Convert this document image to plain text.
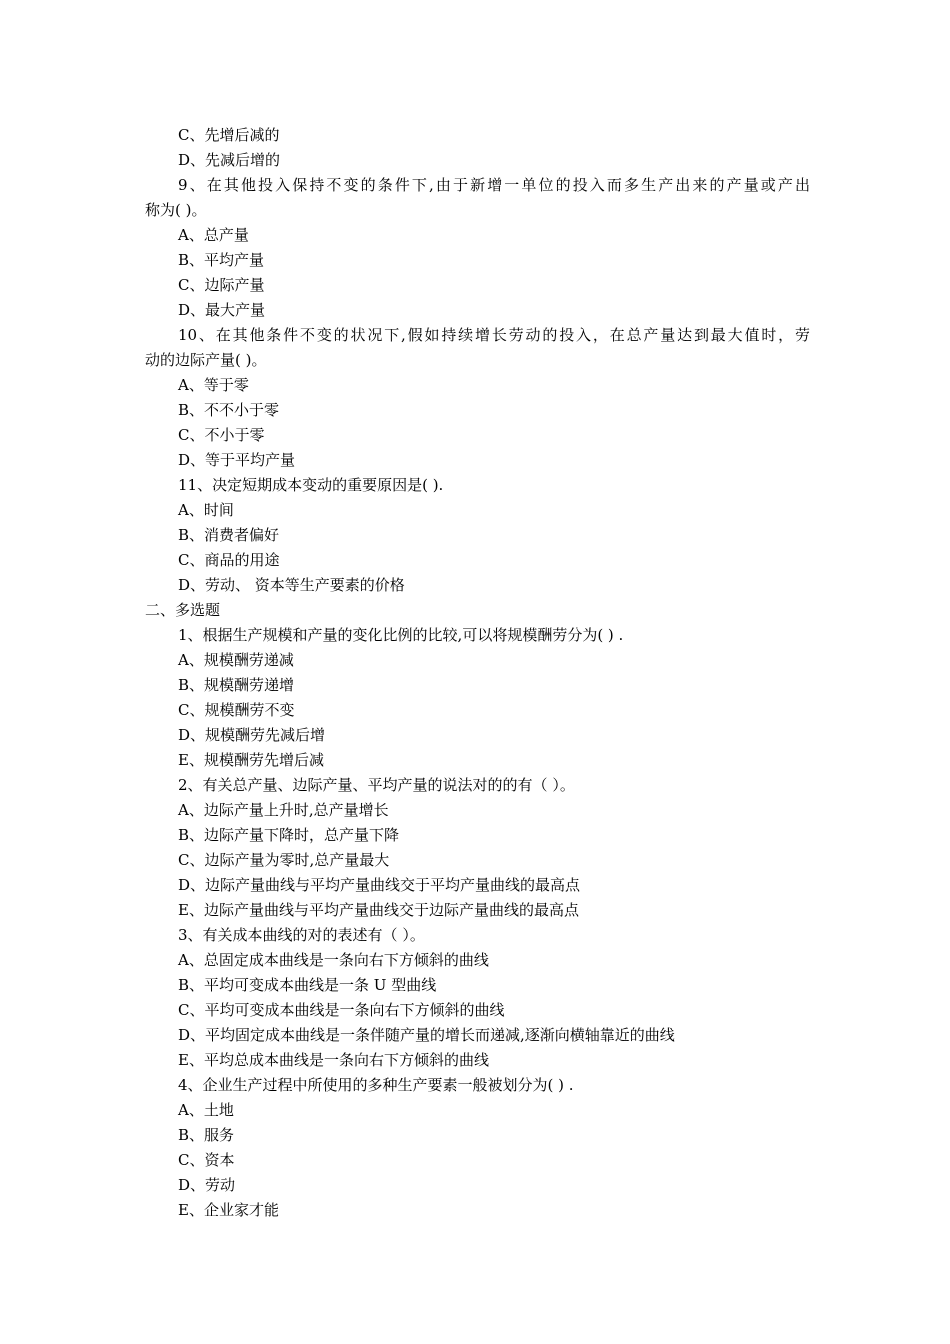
C、先增后减的
D、先减后增的
9、在其他投入保持不变的条件下,由于新增一单位的投入而多生产出来的产量或产出
称为( )。
A、总产量
B、平均产量
C、边际产量
D、最大产量
10、在其他条件不变的状况下,假如持续增长劳动的投入，在总产量达到最大值时，劳
动的边际产量( )。
A、等于零
B、不不小于零
C、不小于零
D、等于平均产量
11、决定短期成本变动的重要原因是( ).
A、时间
B、消费者偏好
C、商品的用途
D、劳动、 资本等生产要素的价格
二、多选题
1、根据生产规模和产量的变化比例的比较,可以将规模酬劳分为( ) .
A、规模酬劳递减
B、规模酬劳递增
C、规模酬劳不变
D、规模酬劳先减后增
E、规模酬劳先增后减
2、有关总产量、边际产量、平均产量的说法对的的有（ ）。
A、边际产量上升时,总产量增长
B、边际产量下降时，总产量下降
C、边际产量为零时,总产量最大
D、边际产量曲线与平均产量曲线交于平均产量曲线的最高点
E、边际产量曲线与平均产量曲线交于边际产量曲线的最高点
3、有关成本曲线的对的表述有（ ）。
A、总固定成本曲线是一条向右下方倾斜的曲线
B、平均可变成本曲线是一条 U 型曲线
C、平均可变成本曲线是一条向右下方倾斜的曲线
D、平均固定成本曲线是一条伴随产量的增长而递减,逐渐向横轴靠近的曲线
E、平均总成本曲线是一条向右下方倾斜的曲线
4、企业生产过程中所使用的多种生产要素一般被划分为( ) .
A、土地
B、服务
C、资本
D、劳动
E、企业家才能
